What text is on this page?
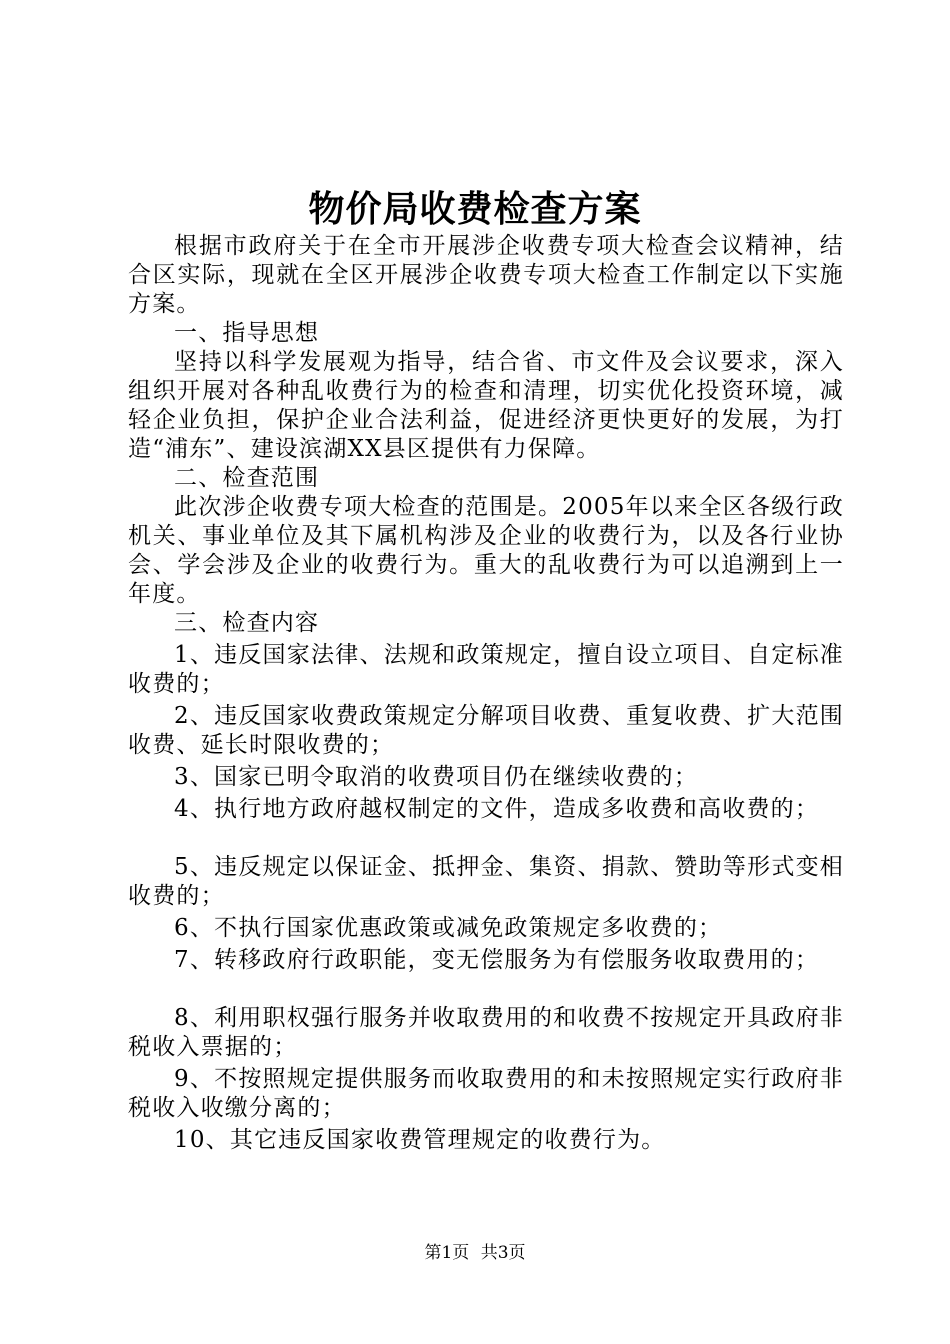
物价局收费检查方案

根据市政府关于在全市开展涉企收费专项大检查会议精神，结合区实际，现就在全区开展涉企收费专项大检查工作制定以下实施方案。

一、指导思想

坚持以科学发展观为指导，结合省、市文件及会议要求，深入组织开展对各种乱收费行为的检查和清理，切实优化投资环境，减轻企业负担，保护企业合法利益，促进经济更快更好的发展，为打造“浦东”、建设滨湖XX县区提供有力保障。

二、检查范围

此次涉企收费专项大检查的范围是。2005年以来全区各级行政机关、事业单位及其下属机构涉及企业的收费行为，以及各行业协会、学会涉及企业的收费行为。重大的乱收费行为可以追溯到上一年度。

三、检查内容

1、违反国家法律、法规和政策规定，擅自设立项目、自定标准收费的；

2、违反国家收费政策规定分解项目收费、重复收费、扩大范围收费、延长时限收费的；

3、国家已明令取消的收费项目仍在继续收费的；

4、执行地方政府越权制定的文件，造成多收费和高收费的；

5、违反规定以保证金、抵押金、集资、捐款、赞助等形式变相收费的；

6、不执行国家优惠政策或减免政策规定多收费的；

7、转移政府行政职能，变无偿服务为有偿服务收取费用的；

8、利用职权强行服务并收取费用的和收费不按规定开具政府非税收入票据的；

9、不按照规定提供服务而收取费用的和未按照规定实行政府非税收入收缴分离的；

10、其它违反国家收费管理规定的收费行为。

第1页 共3页
